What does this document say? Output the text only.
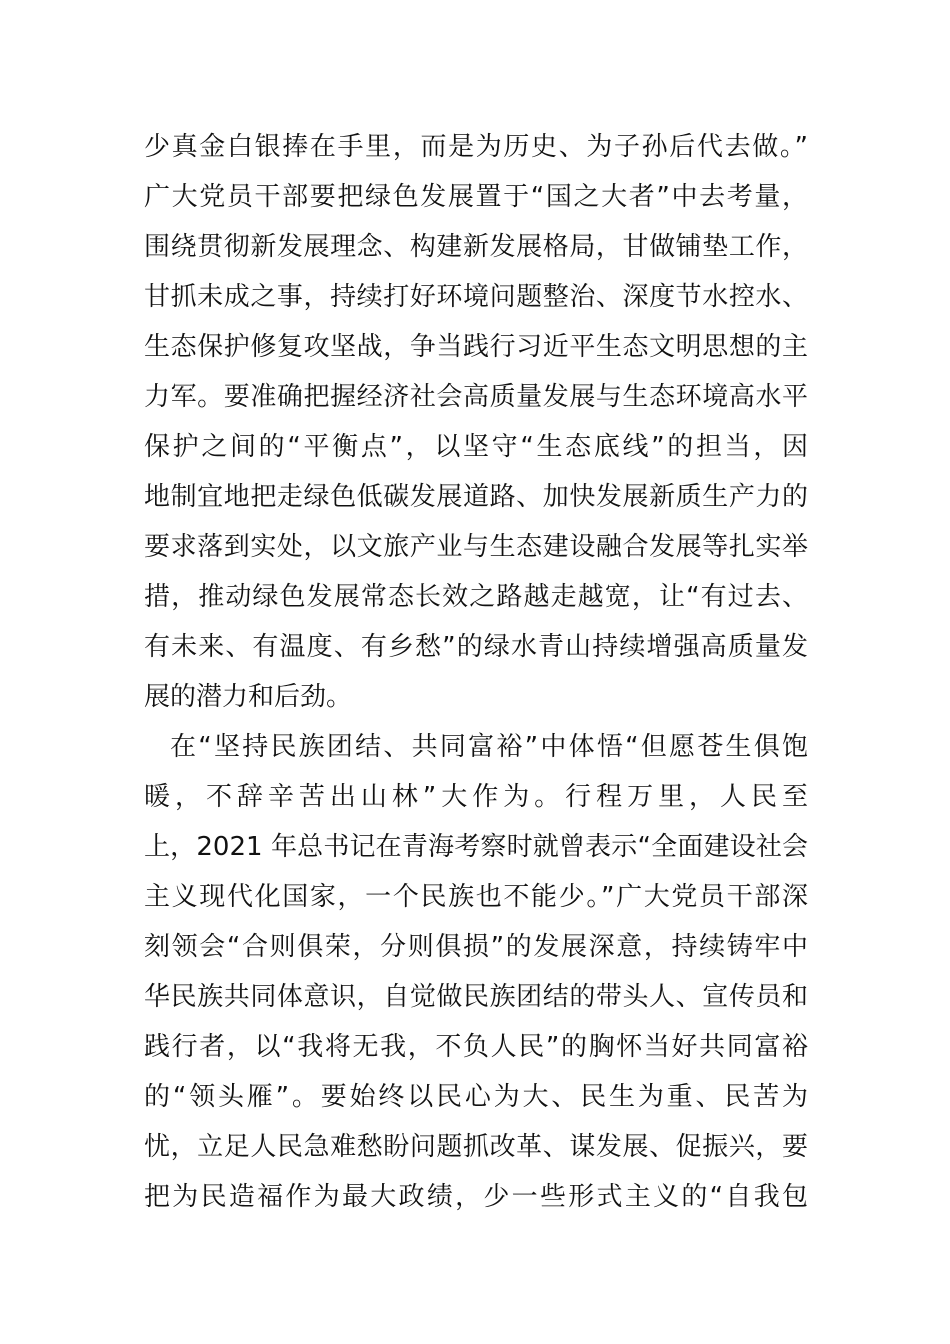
少真金白银捧在手里，而是为历史、为子孙后代去做。”
广大党员干部要把绿色发展置于“国之大者”中去考量，
围绕贯彻新发展理念、构建新发展格局，甘做铺垫工作，
甘抓未成之事，持续打好环境问题整治、深度节水控水、
生态保护修复攻坚战，争当践行习近平生态文明思想的主
力军。要准确把握经济社会高质量发展与生态环境高水平
保护之间的“平衡点”，以坚守“生态底线”的担当，因
地制宜地把走绿色低碳发展道路、加快发展新质生产力的
要求落到实处，以文旅产业与生态建设融合发展等扎实举
措，推动绿色发展常态长效之路越走越宽，让“有过去、
有未来、有温度、有乡愁”的绿水青山持续增强高质量发
展的潜力和后劲。
在“坚持民族团结、共同富裕”中体悟“但愿苍生俱饱
暖，不辞辛苦出山林”大作为。行程万里，人民至
上，2021 年总书记在青海考察时就曾表示“全面建设社会
主义现代化国家，一个民族也不能少。”广大党员干部深
刻领会“合则俱荣，分则俱损”的发展深意，持续铸牢中
华民族共同体意识，自觉做民族团结的带头人、宣传员和
践行者，以“我将无我，不负人民”的胸怀当好共同富裕
的“领头雁”。要始终以民心为大、民生为重、民苦为
忧，立足人民急难愁盼问题抓改革、谋发展、促振兴，要
把为民造福作为最大政绩，少一些形式主义的“自我包
